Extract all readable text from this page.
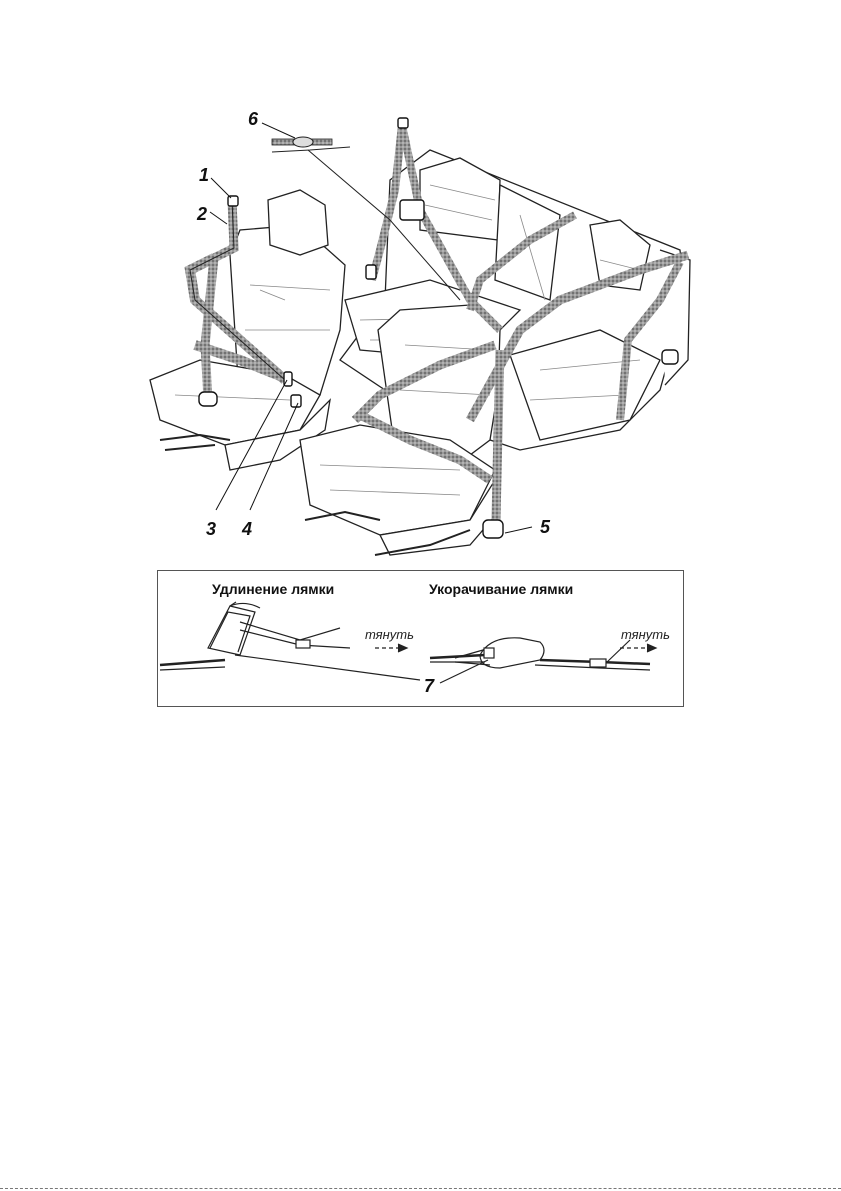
1
2
3 4	5
6
Удлинение лямки	Укорачивание лямки
тянуть	тянуть
7
